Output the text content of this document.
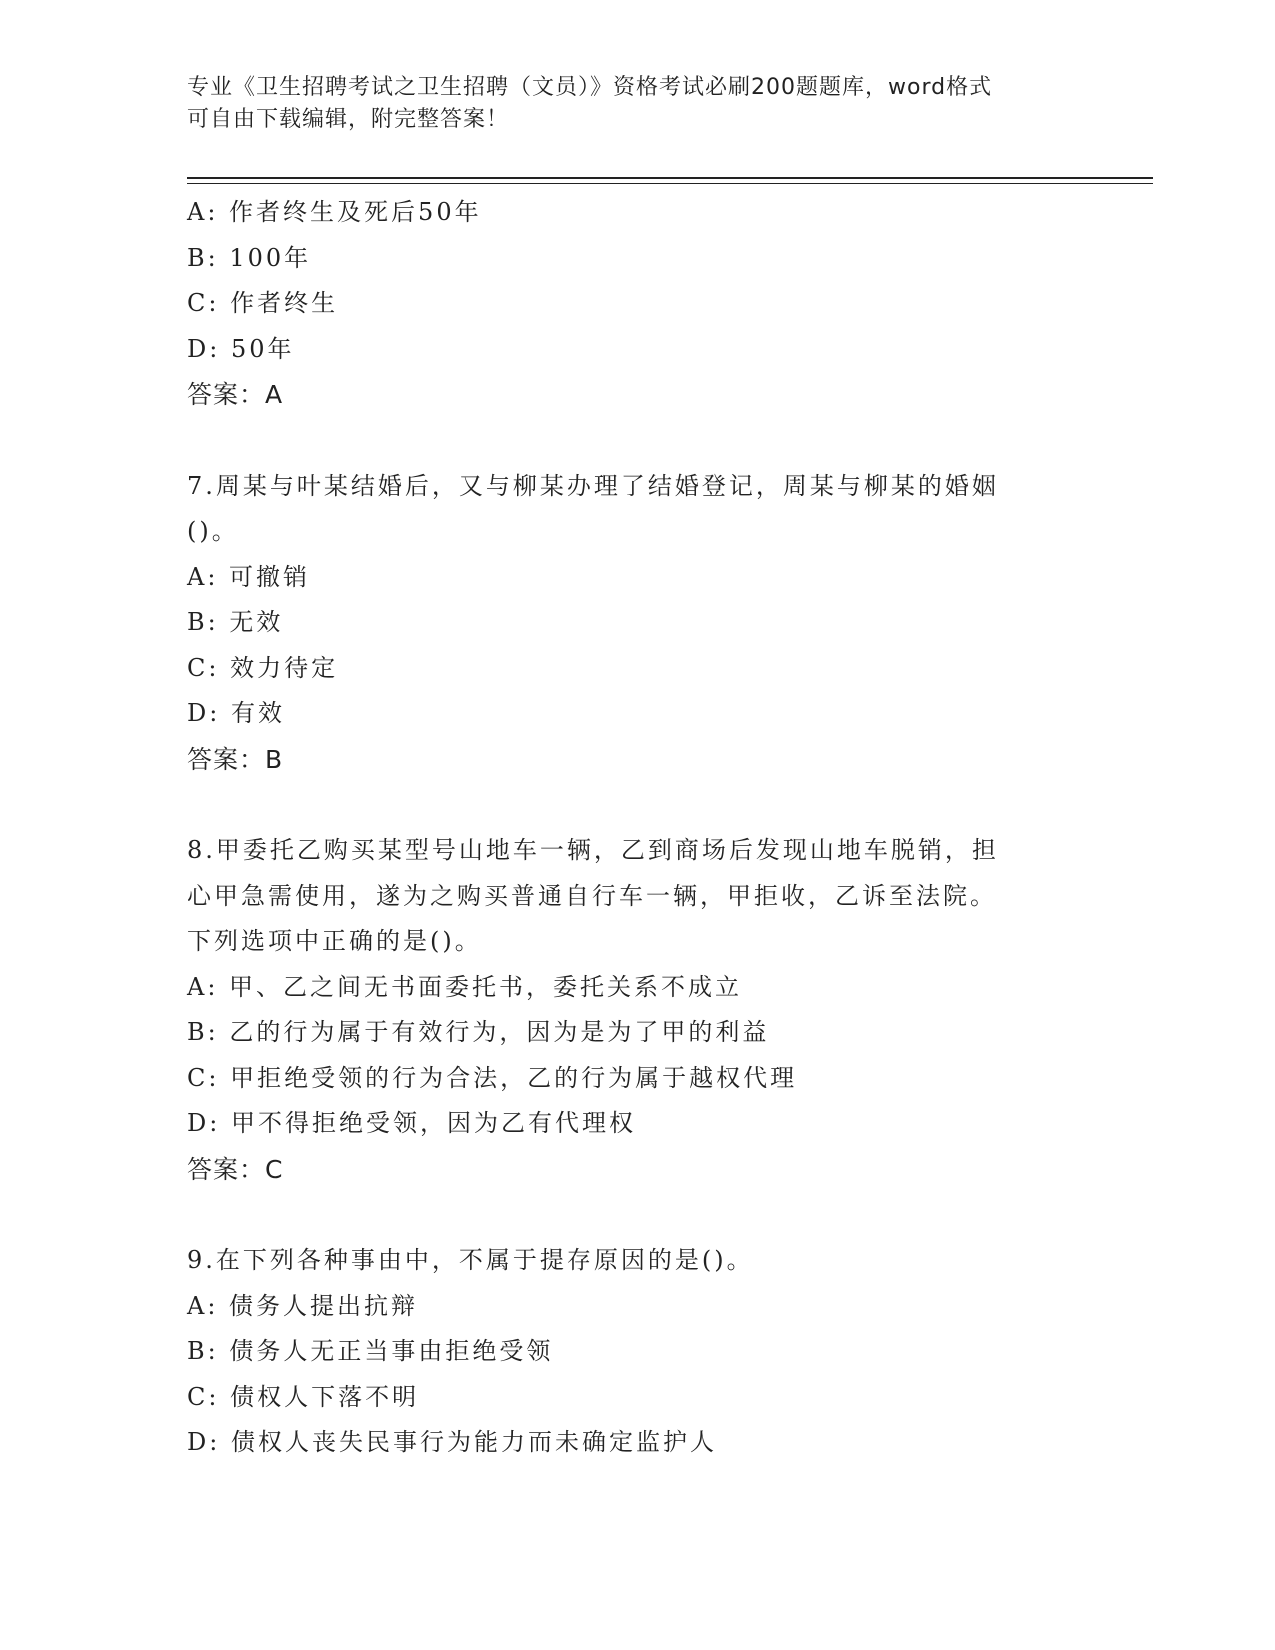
专业《卫生招聘考试之卫生招聘（文员）》资格考试必刷200题题库，word格式
可自由下载编辑，附完整答案！
A: 作者终生及死后50年
B: 100年
C: 作者终生
D: 50年
答案：A
7.周某与叶某结婚后，又与柳某办理了结婚登记，周某与柳某的婚姻
()。
A: 可撤销
B: 无效
C: 效力待定
D: 有效
答案：B
8.甲委托乙购买某型号山地车一辆，乙到商场后发现山地车脱销，担
心甲急需使用，遂为之购买普通自行车一辆，甲拒收，乙诉至法院。
下列选项中正确的是()。
A: 甲、乙之间无书面委托书，委托关系不成立
B: 乙的行为属于有效行为，因为是为了甲的利益
C: 甲拒绝受领的行为合法，乙的行为属于越权代理
D: 甲不得拒绝受领，因为乙有代理权
答案：C
9.在下列各种事由中，不属于提存原因的是()。
A: 债务人提出抗辩
B: 债务人无正当事由拒绝受领
C: 债权人下落不明
D: 债权人丧失民事行为能力而未确定监护人
